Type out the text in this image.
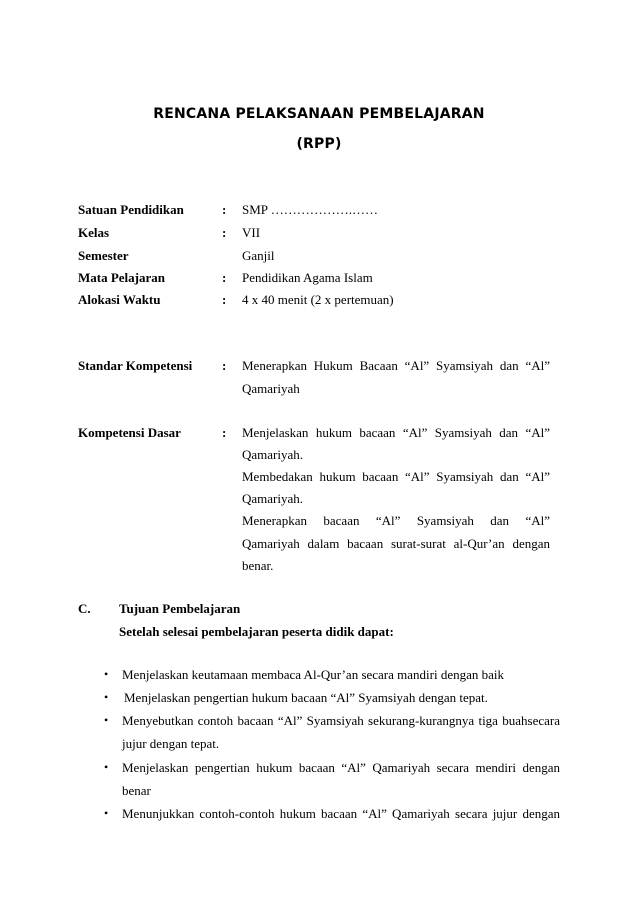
RENCANA PELAKSANAAN PEMBELAJARAN
(RPP)
Satuan Pendidikan	: SMP ……………….……
Kelas	: VII
Semester	Ganjil
Mata Pelajaran	: Pendidikan Agama Islam
Alokasi Waktu	: 4 x 40 menit (2 x pertemuan)
Standar Kompetensi : Menerapkan Hukum Bacaan “Al” Syamsiyah dan “Al”
Qamariyah
Kompetensi Dasar	: Menjelaskan hukum bacaan “Al” Syamsiyah dan “Al”
Qamariyah.
Membedakan hukum bacaan “Al” Syamsiyah dan “Al”
Qamariyah.
Menerapkan bacaan “Al” Syamsiyah dan “Al”
Qamariyah dalam bacaan surat-surat al-Qur’an dengan
benar.
C. Tujuan Pembelajaran
Setelah selesai pembelajaran peserta didik dapat:
• Menjelaskan keutamaan membaca Al-Qur’an secara mandiri dengan baik
• Menjelaskan pengertian hukum bacaan “Al” Syamsiyah dengan tepat.
• Menyebutkan contoh bacaan “Al” Syamsiyah sekurang-kurangnya tiga buahsecara
jujur dengan tepat.
• Menjelaskan pengertian hukum bacaan “Al” Qamariyah secara mendiri dengan
benar
• Menunjukkan contoh-contoh hukum bacaan “Al” Qamariyah secara jujur dengan
